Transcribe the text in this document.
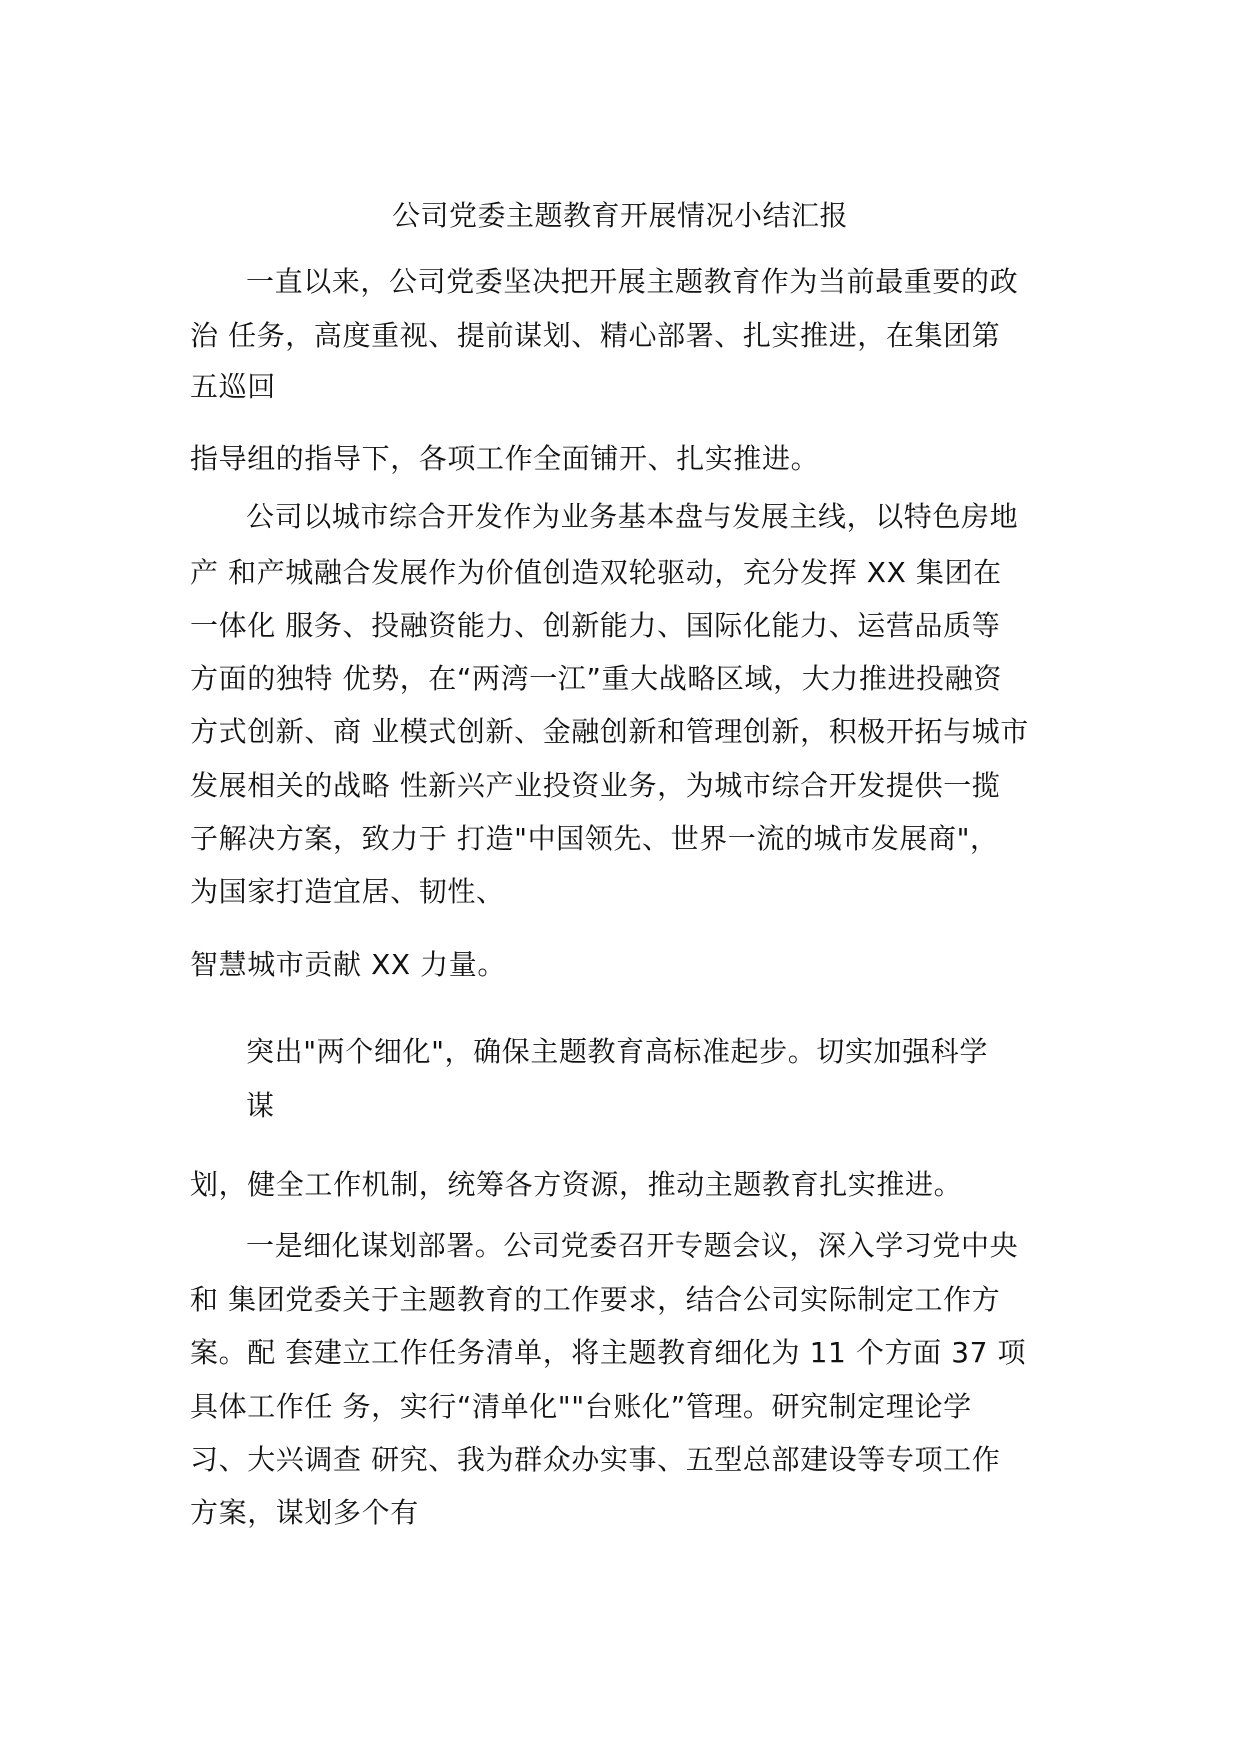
公司党委主题教育开展情况小结汇报
一直以来，公司党委坚决把开展主题教育作为当前最重要的政
治 任务，高度重视、提前谋划、精心部署、扎实推进，在集团第
五巡回
指导组的指导下，各项工作全面铺开、扎实推进。
公司以城市综合开发作为业务基本盘与发展主线，以特色房地
产 和产城融合发展作为价值创造双轮驱动，充分发挥 XX 集团在
一体化 服务、投融资能力、创新能力、国际化能力、运营品质等
方面的独特 优势，在“两湾一江”重大战略区域，大力推进投融资
方式创新、商 业模式创新、金融创新和管理创新，积极开拓与城市
发展相关的战略 性新兴产业投资业务，为城市综合开发提供一揽
子解决方案，致力于 打造"中国领先、世界一流的城市发展商"，
为国家打造宜居、韧性、
智慧城市贡献 XX 力量。
突出"两个细化"，确保主题教育高标准起步。切实加强科学
谋
划，健全工作机制，统筹各方资源，推动主题教育扎实推进。
一是细化谋划部署。公司党委召开专题会议，深入学习党中央
和 集团党委关于主题教育的工作要求，结合公司实际制定工作方
案。配 套建立工作任务清单，将主题教育细化为 11 个方面 37 项
具体工作任 务，实行“清单化""台账化”管理。研究制定理论学
习、大兴调查 研究、我为群众办实事、五型总部建设等专项工作
方案，谋划多个有
